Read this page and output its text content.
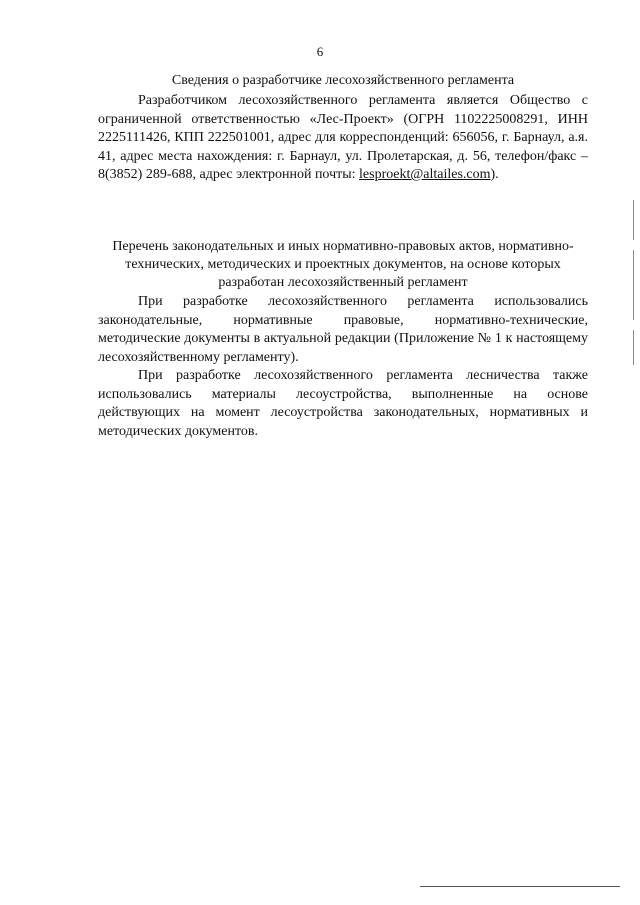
6
Сведения о разработчике лесохозяйственного регламента

Разработчиком лесохозяйственного регламента является Общество с ограниченной ответственностью «Лес-Проект» (ОГРН 1102225008291, ИНН 2225111426, КПП 222501001, адрес для корреспонденций: 656056, г. Барнаул, а.я. 41, адрес места нахождения: г. Барнаул, ул. Пролетарская, д. 56, телефон/факс – 8(3852) 289-688, адрес электронной почты: lesproekt@altailes.com).

Перечень законодательных и иных нормативно-правовых актов, нормативно-
технических, методических и проектных документов, на основе которых
разработан лесохозяйственный регламент

При разработке лесохозяйственного регламента использовались законодательные, нормативные правовые, нормативно-технические, методические документы в актуальной редакции (Приложение № 1 к настоящему лесохозяйственному регламенту).

При разработке лесохозяйственного регламента лесничества также использовались материалы лесоустройства, выполненные на основе действующих на момент лесоустройства законодательных, нормативных и методических документов.
